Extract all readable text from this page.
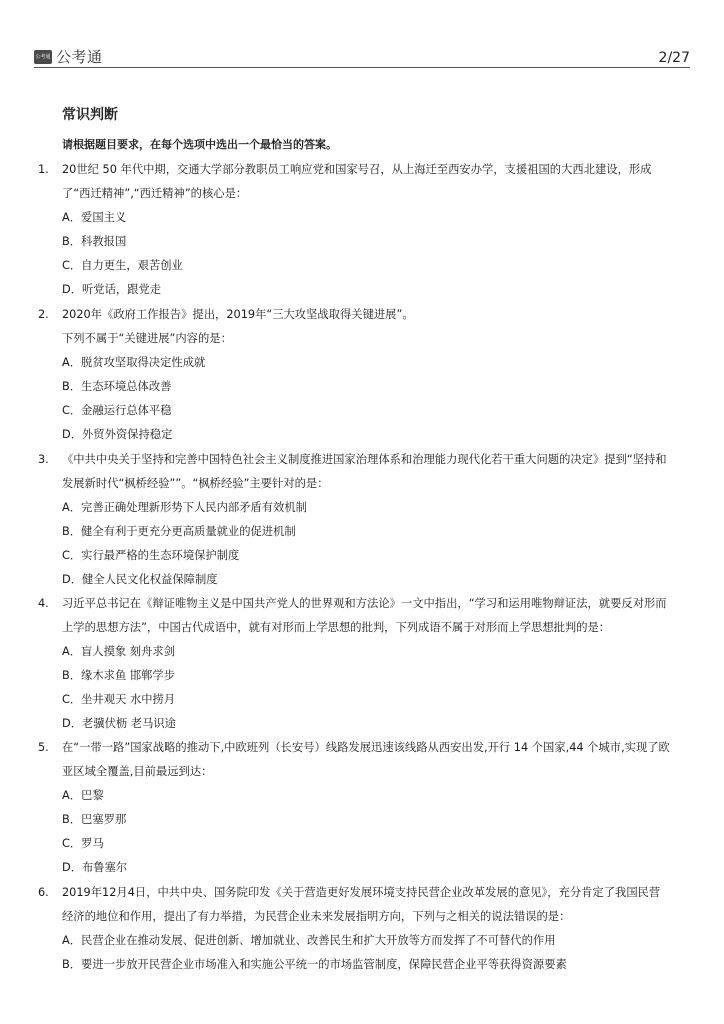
公考通 公考通	2/27
常识判断
请根据题目要求，在每个选项中选出一个最恰当的答案。
1.	20世纪 50 年代中期，交通大学部分教职员工响应党和国家号召，从上海迁至西安办学，支援祖国的大西北建设，形成
了“西迁精神”,“西迁精神”的核心是：
A．爱国主义
B．科教报国
C．自力更生，艰苦创业
D．听党话，跟党走
2.	2020年《政府工作报告》提出，2019年“三大攻坚战取得关键进展”。
下列不属于“关键进展”内容的是：
A．脱贫攻坚取得决定性成就
B．生态环境总体改善
C．金融运行总体平稳
D．外贸外资保持稳定
3.	《中共中央关于坚持和完善中国特色社会主义制度推进国家治理体系和治理能力现代化若干重大问题的决定》提到“坚持和
发展新时代“枫桥经验””。“枫桥经验”主要针对的是：
A．完善正确处理新形势下人民内部矛盾有效机制
B．健全有利于更充分更高质量就业的促进机制
C．实行最严格的生态环境保护制度
D．健全人民文化权益保障制度
4.	习近平总书记在《辩证唯物主义是中国共产党人的世界观和方法论》一文中指出，“学习和运用唯物辩证法，就要反对形而
上学的思想方法”，中国古代成语中，就有对形而上学思想的批判，下列成语不属于对形而上学思想批判的是：
A．盲人摸象 刻舟求剑
B．缘木求鱼 邯郸学步
C．坐井观天 水中捞月
D．老骥伏枥 老马识途
5.	在“一带一路”国家战略的推动下,中欧班列（长安号）线路发展迅速该线路从西安出发,开行 14 个国家,44 个城市,实现了欧
亚区域全覆盖,目前最远到达：
A．巴黎
B．巴塞罗那
C．罗马
D．布鲁塞尔
6.	2019年12月4日，中共中央、国务院印发《关于营造更好发展环境支持民营企业改革发展的意见》，充分肯定了我国民营
经济的地位和作用，提出了有力举措，为民营企业未来发展指明方向，下列与之相关的说法错误的是：
A．民营企业在推动发展、促进创新、增加就业、改善民生和扩大开放等方而发挥了不可替代的作用
B．要进一步放开民营企业市场准入和实施公平统一的市场监管制度，保障民营企业平等获得资源要素
